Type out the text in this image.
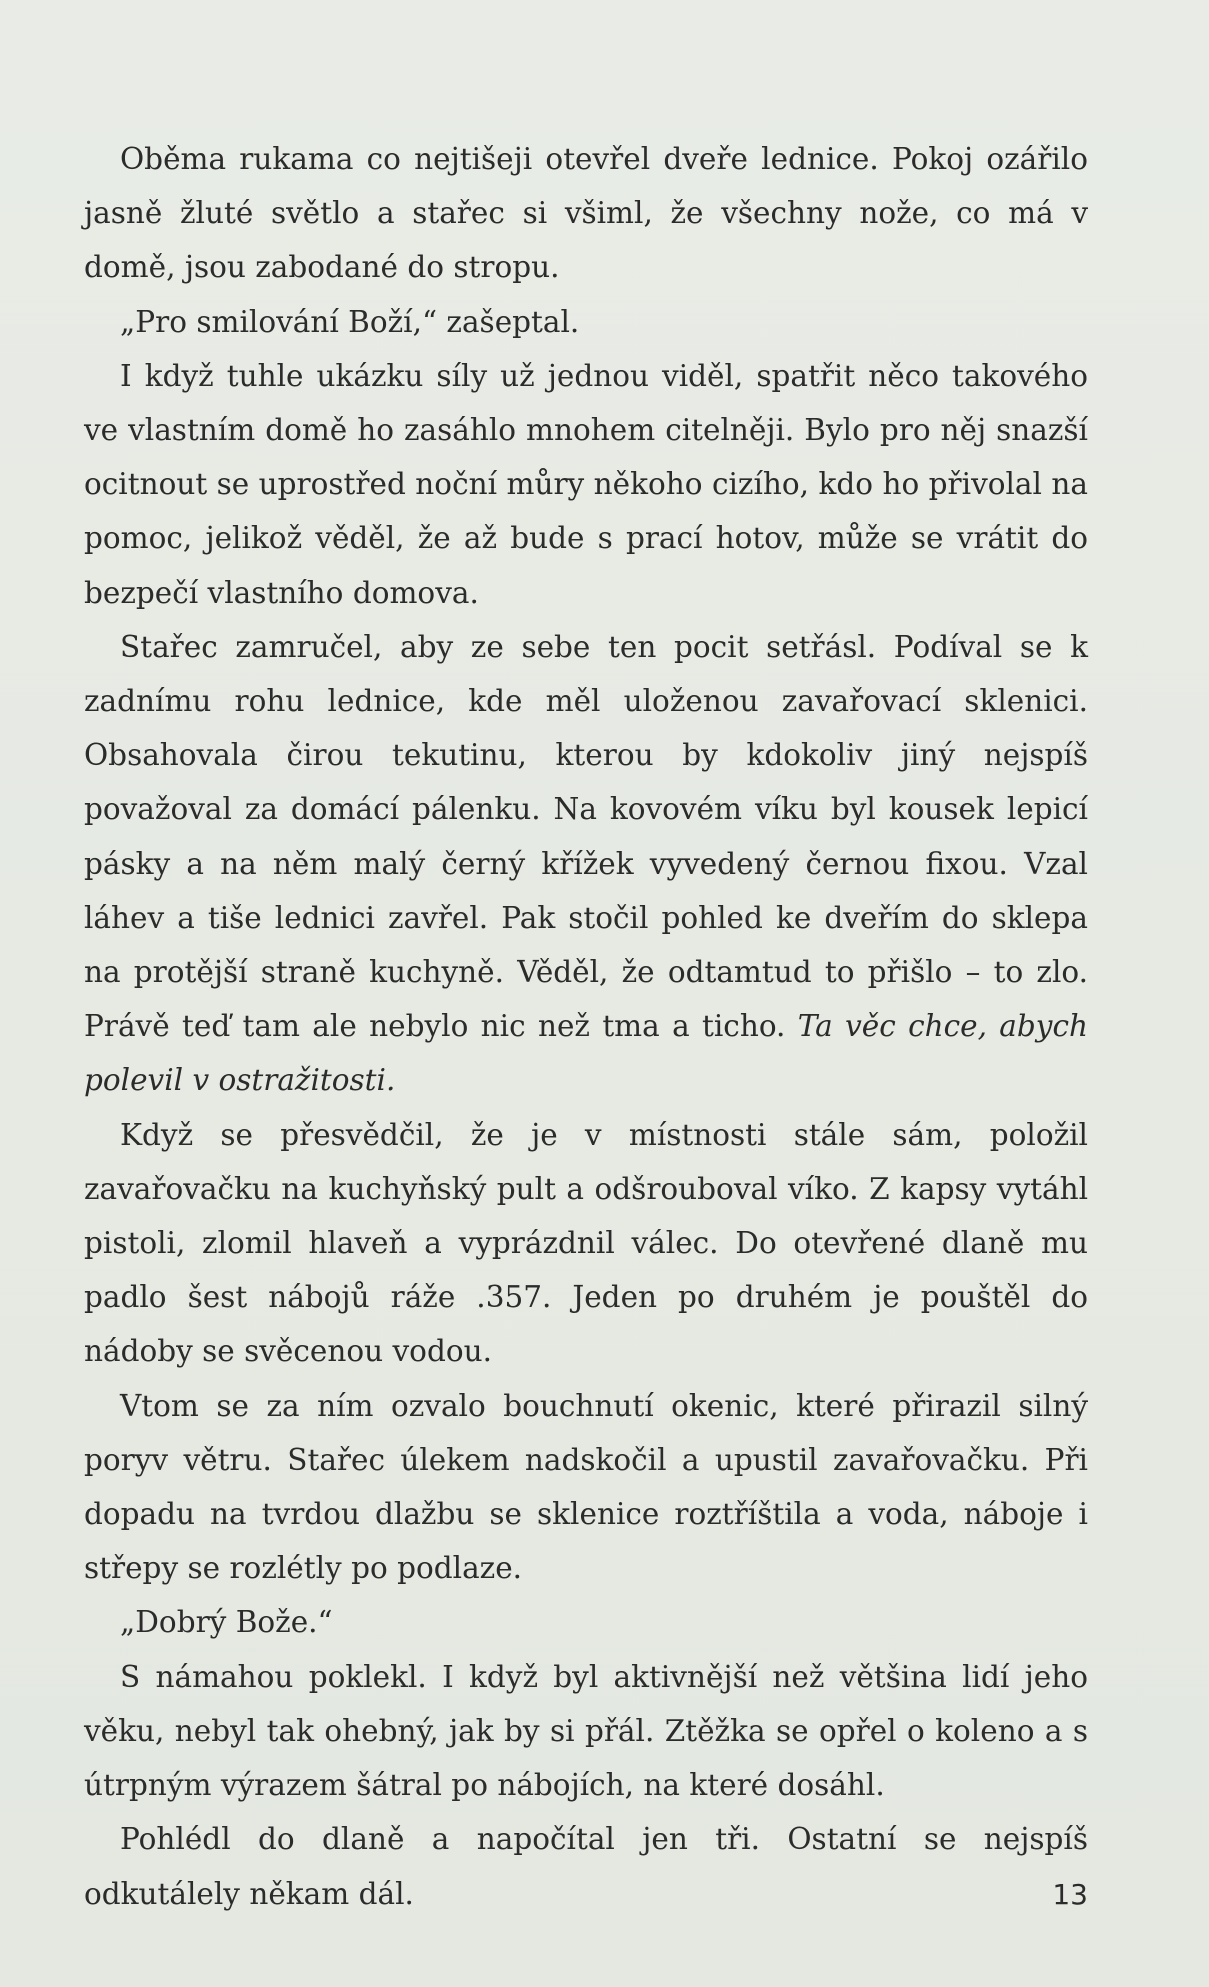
Oběma rukama co nejtišeji otevřel dveře lednice. Pokoj ozářilo jasně žluté světlo a stařec si všiml, že všechny nože, co má v domě, jsou zabodané do stropu.

„Pro smilování Boží,“ zašeptal.

I když tuhle ukázku síly už jednou viděl, spatřit něco takového ve vlastním domě ho zasáhlo mnohem citelněji. Bylo pro něj snazší ocitnout se uprostřed noční můry někoho cizího, kdo ho přivolal na pomoc, jelikož věděl, že až bude s prací hotov, může se vrátit do bezpečí vlastního domova.

Stařec zamručel, aby ze sebe ten pocit setřásl. Podíval se k zadnímu rohu lednice, kde měl uloženou zavařovací sklenici. Obsahovala čirou tekutinu, kterou by kdokoliv jiný nejspíš považoval za domácí pálenku. Na kovovém víku byl kousek lepicí pásky a na něm malý černý křížek vyvedený černou fixou. Vzal láhev a tiše lednici zavřel. Pak stočil pohled ke dveřím do sklepa na protější straně kuchyně. Věděl, že odtamtud to přišlo – to zlo. Právě teď tam ale nebylo nic než tma a ticho. Ta věc chce, abych polevil v ostražitosti.

Když se přesvědčil, že je v místnosti stále sám, položil zavařovačku na kuchyňský pult a odšrouboval víko. Z kapsy vytáhl pistoli, zlomil hlaveň a vyprázdnil válec. Do otevřené dlaně mu padlo šest nábojů ráže .357. Jeden po druhém je pouštěl do nádoby se svěcenou vodou.

Vtom se za ním ozvalo bouchnutí okenic, které přirazil silný poryv větru. Stařec úlekem nadskočil a upustil zavařovačku. Při dopadu na tvrdou dlažbu se sklenice roztříštila a voda, náboje i střepy se rozlétly po podlaze.

„Dobrý Bože.“

S námahou poklekl. I když byl aktivnější než většina lidí jeho věku, nebyl tak ohebný, jak by si přál. Ztěžka se opřel o koleno a s útrpným výrazem šátral po nábojích, na které dosáhl.

Pohlédl do dlaně a napočítal jen tři. Ostatní se nejspíš odkutálely někam dál.	13
